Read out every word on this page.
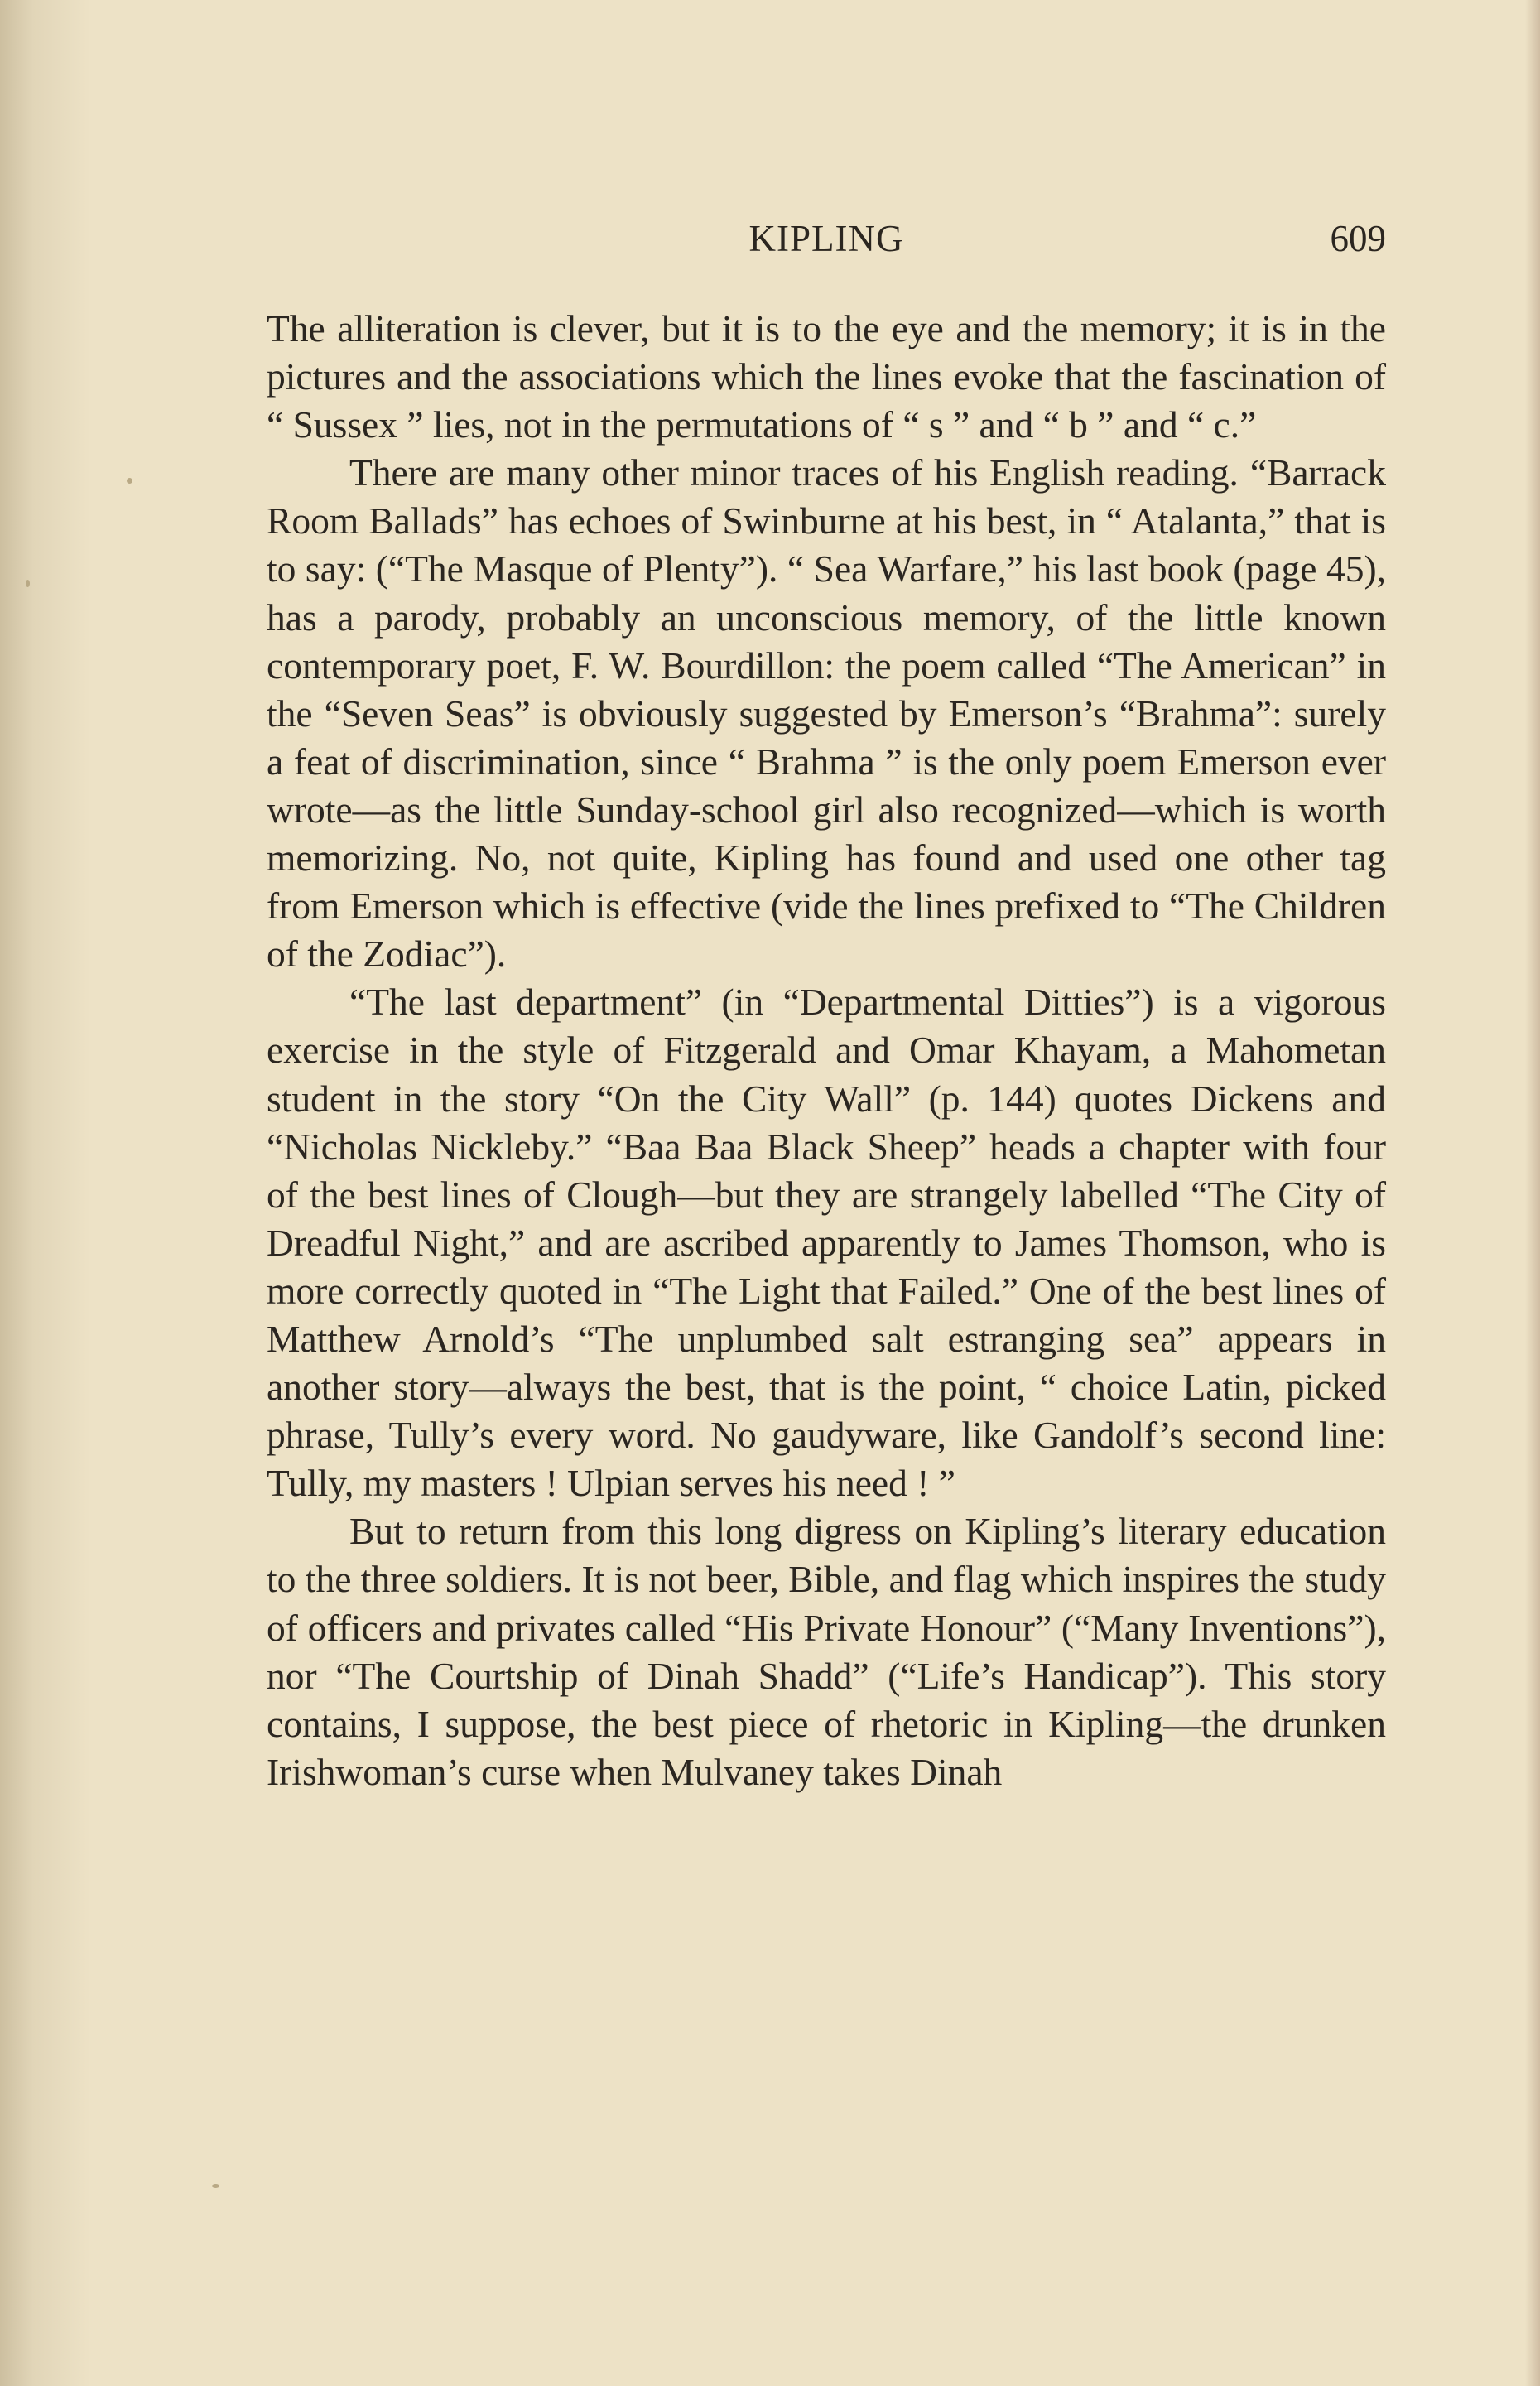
KIPLING	609

The alliteration is clever, but it is to the eye and the memory; it is in the pictures and the associations which the lines evoke that the fascination of “ Sussex ” lies, not in the permutations of “ s ” and “ b ” and “ c.”

There are many other minor traces of his English reading. “Barrack Room Ballads” has echoes of Swinburne at his best, in “ Atalanta,” that is to say: (“The Masque of Plenty”). “ Sea Warfare,” his last book (page 45), has a parody, probably an unconscious memory, of the little known contemporary poet, F. W. Bourdillon: the poem called “The American” in the “Seven Seas” is obviously suggested by Emerson’s “Brahma”: surely a feat of discrimination, since “ Brahma ” is the only poem Emerson ever wrote—as the little Sunday-school girl also recognized—which is worth memorizing. No, not quite, Kipling has found and used one other tag from Emerson which is effective (vide the lines prefixed to “The Children of the Zodiac”).

“The last department” (in “Departmental Ditties”) is a vigorous exercise in the style of Fitzgerald and Omar Khayam, a Mahometan student in the story “On the City Wall” (p. 144) quotes Dickens and “Nicholas Nickleby.” “Baa Baa Black Sheep” heads a chapter with four of the best lines of Clough—but they are strangely labelled “The City of Dreadful Night,” and are ascribed apparently to James Thomson, who is more correctly quoted in “The Light that Failed.” One of the best lines of Matthew Arnold’s “The unplumbed salt estranging sea” appears in another story—always the best, that is the point, “ choice Latin, picked phrase, Tully’s every word. No gaudyware, like Gandolf’s second line: Tully, my masters ! Ulpian serves his need ! ”

But to return from this long digress on Kipling’s literary education to the three soldiers. It is not beer, Bible, and flag which inspires the study of officers and privates called “His Private Honour” (“Many Inventions”), nor “The Courtship of Dinah Shadd” (“Life’s Handicap”). This story contains, I suppose, the best piece of rhetoric in Kipling—the drunken Irishwoman’s curse when Mulvaney takes Dinah
